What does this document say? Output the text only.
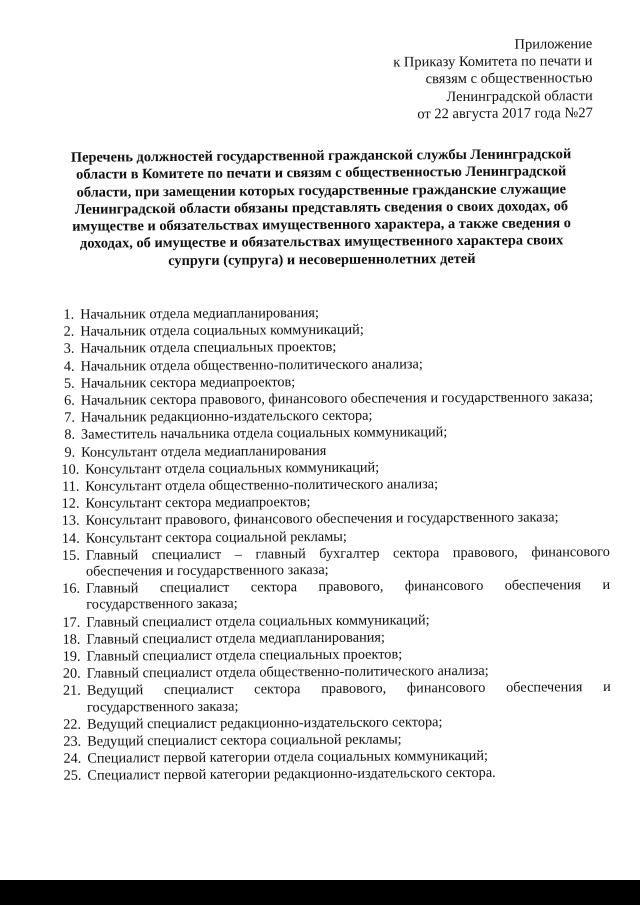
Приложение
к Приказу Комитета по печати и
связям с общественностью
Ленинградской области
от 22 августа 2017 года №27
Перечень должностей государственной гражданской службы Ленинградской
области в Комитете по печати и связям с общественностью Ленинградской
области, при замещении которых государственные гражданские служащие
Ленинградской области обязаны представлять сведения о своих доходах, об
имуществе и обязательствах имущественного характера, а также сведения о
доходах, об имуществе и обязательствах имущественного характера своих
супруги (супруга) и несовершеннолетних детей
1. Начальник отдела медиапланирования;
2. Начальник отдела социальных коммуникаций;
3. Начальник отдела специальных проектов;
4. Начальник отдела общественно-политического анализа;
5. Начальник сектора медиапроектов;
6. Начальник сектора правового, финансового обеспечения и государственного заказа;
7. Начальник редакционно-издательского сектора;
8. Заместитель начальника отдела социальных коммуникаций;
9. Консультант отдела медиапланирования
10. Консультант отдела социальных коммуникаций;
11. Консультант отдела общественно-политического анализа;
12. Консультант сектора медиапроектов;
13. Консультант правового, финансового обеспечения и государственного заказа;
14. Консультант сектора социальной рекламы;
15. Главный специалист – главный бухгалтер сектора правового, финансового обеспечения и государственного заказа;
16. Главный специалист сектора правового, финансового обеспечения и государственного заказа;
17. Главный специалист отдела социальных коммуникаций;
18. Главный специалист отдела медиапланирования;
19. Главный специалист отдела специальных проектов;
20. Главный специалист отдела общественно-политического анализа;
21. Ведущий специалист сектора правового, финансового обеспечения и государственного заказа;
22. Ведущий специалист редакционно-издательского сектора;
23. Ведущий специалист сектора социальной рекламы;
24. Специалист первой категории отдела социальных коммуникаций;
25. Специалист первой категории редакционно-издательского сектора.
